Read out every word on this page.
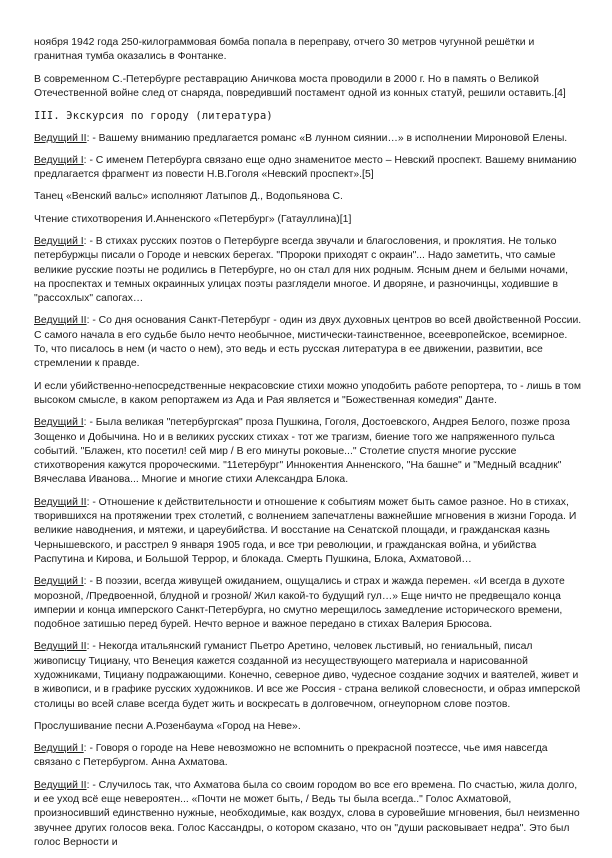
ноября 1942 года 250-килограммовая бомба попала в переправу, отчего 30 метров чугунной решётки и гранитная тумба оказались в Фонтанке.

В современном С.-Петербурге реставрацию Аничкова моста проводили в 2000 г. Но в память о Великой Отечественной войне след от снаряда, повредивший постамент одной из конных статуй, решили оставить.[4]

III. Экскурсия по городу (литература)

Ведущий II: - Вашему вниманию предлагается романс «В лунном сиянии…» в исполнении Мироновой Елены.

Ведущий I: - С именем Петербурга связано еще одно знаменитое место – Невский проспект. Вашему вниманию предлагается фрагмент из повести Н.В.Гоголя «Невский проспект».[5]

Танец «Венский вальс» исполняют Латыпов Д., Водопьянова С.

Чтение стихотворения И.Анненского «Петербург» (Гатауллина)[1]

Ведущий I: - В стихах русских поэтов о Петербурге всегда звучали и благословения, и проклятия. Не только петербуржцы писали о Городе и невских берегах. "Пророки приходят с окраин"... Надо заметить, что самые великие русские поэты не родились в Петербурге, но он стал для них родным. Ясным днем и белыми ночами, на проспектах и темных окраинных улицах поэты разглядели многое. И дворяне, и разночинцы, ходившие в "рассохлых" сапогах…

Ведущий II: - Со дня основания Санкт-Петербург - один из двух духовных центров во всей двойственной России. С самого начала в его судьбе было нечто необычное, мистически-таинственное, всеевропейское, всемирное. То, что писалось в нем (и часто о нем), это ведь и есть русская литература в ее движении, развитии, все стремлении к правде.

И если убийственно-непосредственные некрасовские стихи можно уподобить работе репортера, то - лишь в том высоком смысле, в каком репортажем из Ада и Рая является и "Божественная комедия" Данте.

Ведущий I: - Была великая "петербургская" проза Пушкина, Гоголя, Достоевского, Андрея Белого, позже проза Зощенко и Добычина. Но и в великих русских стихах - тот же трагизм, биение того же напряженного пульса событий. "Блажен, кто посетил! сей мир / В его минуты роковые..." Столетие спустя многие русские стихотворения кажутся пророческими. "11етербург" Иннокентия Анненского, "На башне" и "Медный всадник" Вячеслава Иванова... Многие и многие стихи Александра Блока.

Ведущий II: - Отношение к действительности и отношение к событиям может быть самое разное. Но в стихах, творившихся на протяжении трех столетий, с волнением запечатлены важнейшие мгновения в жизни Города. И великие наводнения, и мятежи, и цареубийства. И восстание на Сенатской площади, и гражданская казнь Чернышевского, и расстрел 9 января 1905 года, и все три революции, и гражданская война, и убийства Распутина и Кирова, и Большой Террор, и блокада. Смерть Пушкина, Блока, Ахматовой…

Ведущий I: - В поэзии, всегда живущей ожиданием, ощущались и страх и жажда перемен. «И всегда в духоте морозной, /Предвоенной, блудной и грозной/ Жил какой-то будущий гул…» Еще ничто не предвещало конца империи и конца имперского Санкт-Петербурга, но смутно мерещилось замедление исторического времени, подобное затишью перед бурей. Нечто верное и важное передано в стихах Валерия Брюсова.

Ведущий II: - Некогда итальянский гуманист Пьетро Аретино, человек льстивый, но гениальный, писал живописцу Тициану, что Венеция кажется созданной из несуществующего материала и нарисованной художниками, Тициану подражающими. Конечно, северное диво, чудесное создание зодчих и ваятелей, живет и в живописи, и в графике русских художников. И все же Россия - страна великой словесности, и образ имперской столицы во всей славе всегда будет жить и воскресать в долговечном, огнеупорном слове поэтов.

Прослушивание песни А.Розенбаума «Город на Неве».

Ведущий I: - Говоря о городе на Неве невозможно не вспомнить о прекрасной поэтессе, чье имя навсегда связано с Петербургом. Анна Ахматова.

Ведущий II: - Случилось так, что Ахматова была со своим городом во все его времена. По счастью, жила долго, и ее уход всё еще невероятен... «Почти не может быть, / Ведь ты была всегда.." Голос Ахматовой, произносивший единственно нужные, необходимые, как воздух, слова в суровейшие мгновения, был неизменно звучнее других голосов века. Голос Кассандры, о котором сказано, что он "души расковывает недра". Это был голос Верности и
